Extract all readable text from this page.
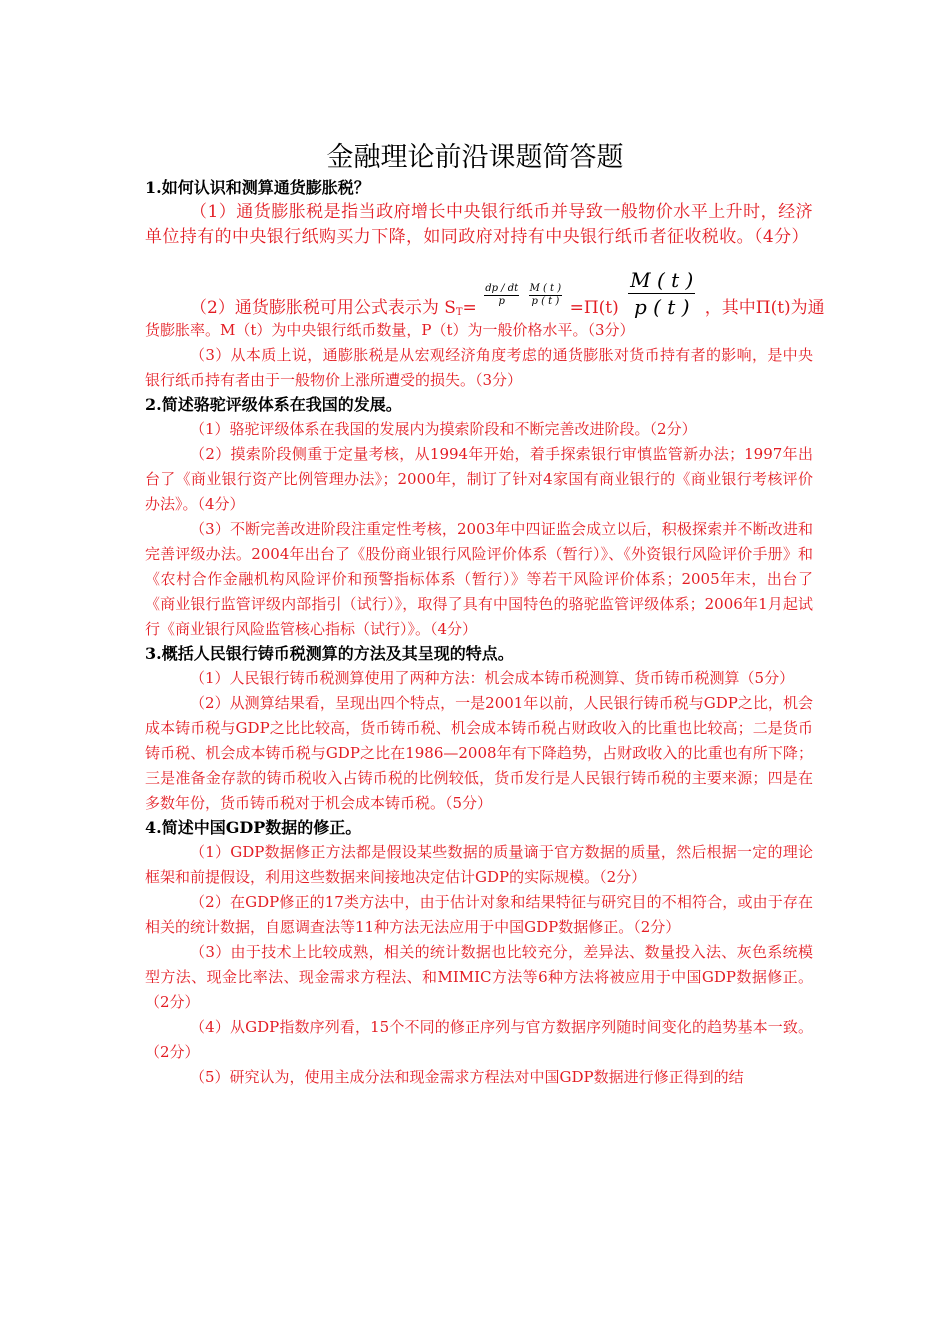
金融理论前沿课题简答题

1.如何认识和测算通货膨胀税？

（1）通货膨胀税是指当政府增长中央银行纸币并导致一般物价水平上升时，经济单位持有的中央银行纸购买力下降，如同政府对持有中央银行纸币者征收税收。（4分）

（2）通货膨胀税可用公式表示为 $S_T= \frac{dp / dt}{p}$
$\frac{M ( t )}{p ( t )} =\Pi(t) \frac{M ( t )}{p ( t )}$ ，其中Π(t)为通

货膨胀率。M（t）为中央银行纸币数量，P（t）为一般价格水平。（3分）

（3）从本质上说，通膨胀税是从宏观经济角度考虑的通货膨胀对货币持有者的影响，是中央银行纸币持有者由于一般物价上涨所遭受的损失。（3分）

2.简述骆驼评级体系在我国的发展。

（1）骆驼评级体系在我国的发展内为摸索阶段和不断完善改进阶段。（2分）

（2）摸索阶段侧重于定量考核，从1994年开始，着手探索银行审慎监管新办法；1997年出台了《商业银行资产比例管理办法》；2000年，制订了针对4家国有商业银行的《商业银行考核评价办法》。（4分）

（3）不断完善改进阶段注重定性考核，2003年中四证监会成立以后，积极探索并不断改进和完善评级办法。2004年出台了《股份商业银行风险评价体系（暂行）》、《外资银行风险评价手册》和《农村合作金融机构风险评价和预警指标体系（暂行）》等若干风险评价体系；2005年末，出台了《商业银行监管评级内部指引（试行）》，取得了具有中国特色的骆驼监管评级体系；2006年1月起试行《商业银行风险监管核心指标（试行）》。（4分）

3.概括人民银行铸币税测算的方法及其呈现的特点。

（1）人民银行铸币税测算使用了两种方法：机会成本铸币税测算、货币铸币税测算（5分）

（2）从测算结果看，呈现出四个特点，一是2001年以前，人民银行铸币税与GDP之比，机会成本铸币税与GDP之比比较高，货币铸币税、机会成本铸币税占财政收入的比重也比较高；二是货币铸币税、机会成本铸币税与GDP之比在1986—2008年有下降趋势，占财政收入的比重也有所下降；三是准备金存款的铸币税收入占铸币税的比例较低，货币发行是人民银行铸币税的主要来源；四是在多数年份，货币铸币税对于机会成本铸币税。（5分）

4.简述中国GDP数据的修正。

（1）GDP数据修正方法都是假设某些数据的质量谪于官方数据的质量，然后根据一定的理论框架和前提假设，利用这些数据来间接地决定估计GDP的实际规模。（2分）

（2）在GDP修正的17类方法中，由于估计对象和结果特征与研究目的不相符合，或由于存在相关的统计数据，自愿调查法等11种方法无法应用于中国GDP数据修正。（2分）

（3）由于技术上比较成熟，相关的统计数据也比较充分，差异法、数量投入法、灰色系统模型方法、现金比率法、现金需求方程法、和MIMIC方法等6种方法将被应用于中国GDP数据修正。（2分）

（4）从GDP指数序列看，15个不同的修正序列与官方数据序列随时间变化的趋势基本一致。（2分）

（5）研究认为，使用主成分法和现金需求方程法对中国GDP数据进行修正得到的结
